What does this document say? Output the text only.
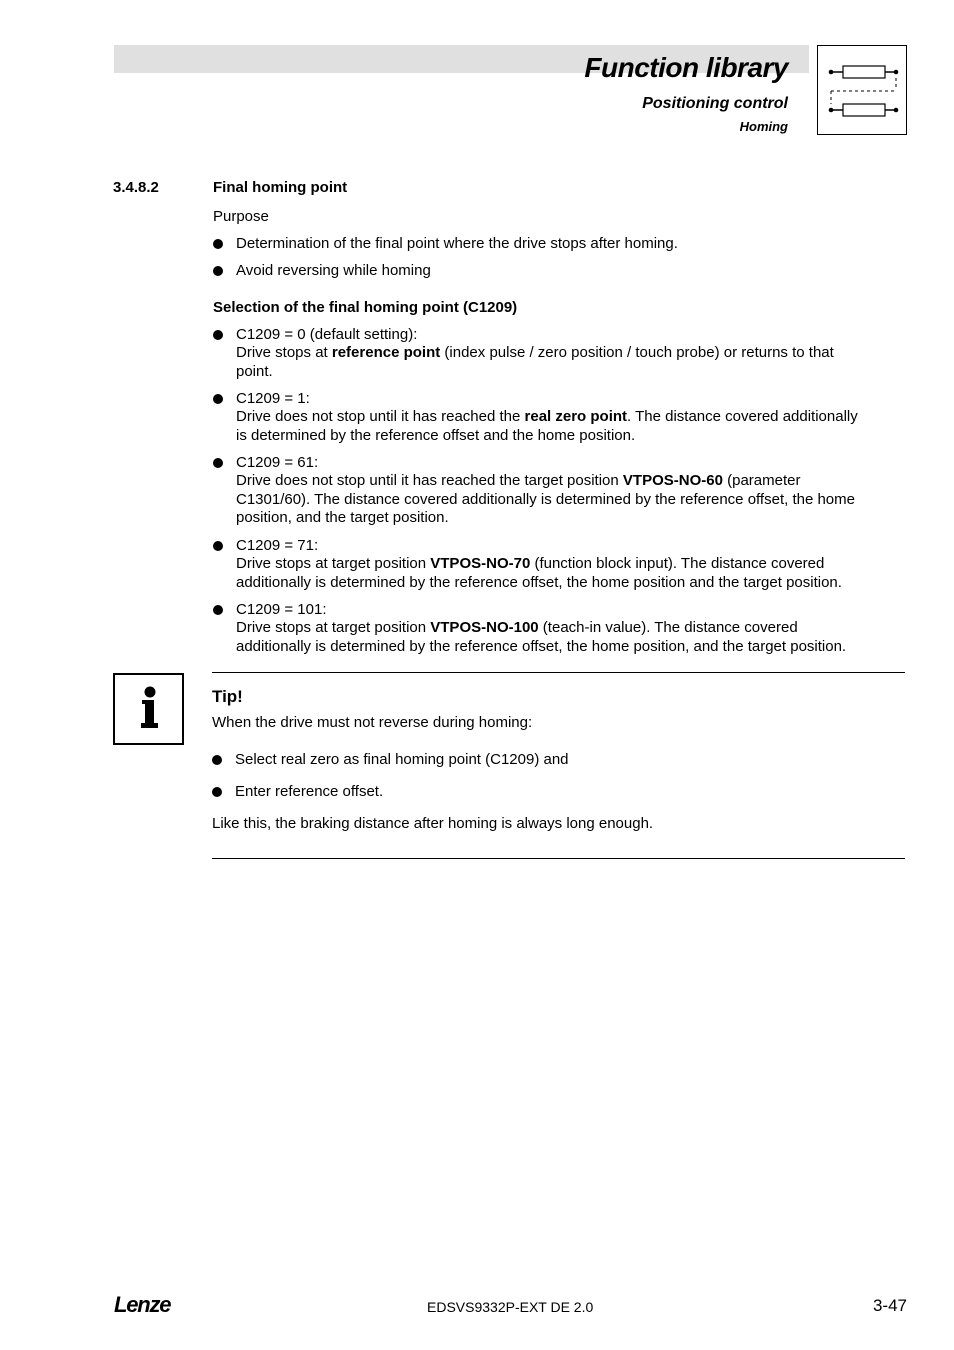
Function library
Positioning control
Homing
3.4.8.2	Final homing point
Purpose
Determination of the final point where the drive stops after homing.
Avoid reversing while homing
Selection of the final homing point (C1209)
C1209 = 0 (default setting):
Drive stops at reference point (index pulse / zero position / touch probe) or returns to that
point.
C1209 = 1:
Drive does not stop until it has reached the real zero point. The distance covered additionally
is determined by the reference offset and the home position.
C1209 = 61:
Drive does not stop until it has reached the target position VTPOS-NO-60 (parameter
C1301/60). The distance covered additionally is determined by the reference offset, the home
position, and the target position.
C1209 = 71:
Drive stops at target position VTPOS-NO-70 (function block input). The distance covered
additionally is determined by the reference offset, the home position and the target position.
C1209 = 101:
Drive stops at target position VTPOS-NO-100 (teach-in value). The distance covered
additionally is determined by the reference offset, the home position, and the target position.
Tip!
When the drive must not reverse during homing:
Select real zero as final homing point (C1209) and
Enter reference offset.
Like this, the braking distance after homing is always long enough.
Lenze	EDSVS9332P-EXT DE 2.0	3-47
